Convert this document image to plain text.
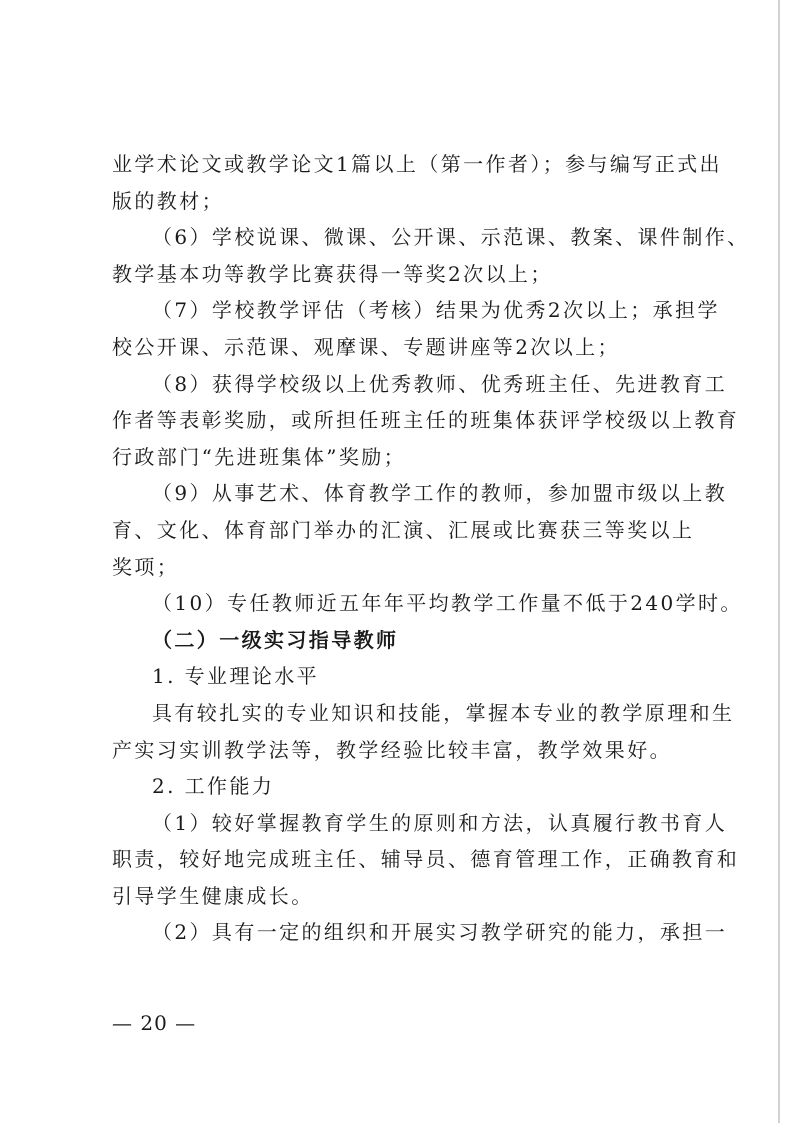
业学术论文或教学论文1篇以上（第一作者）；参与编写正式出
版的教材；
（6）学校说课、微课、公开课、示范课、教案、课件制作、
教学基本功等教学比赛获得一等奖2次以上；
（7）学校教学评估（考核）结果为优秀2次以上；承担学
校公开课、示范课、观摩课、专题讲座等2次以上；
（8）获得学校级以上优秀教师、优秀班主任、先进教育工
作者等表彰奖励，或所担任班主任的班集体获评学校级以上教育
行政部门“先进班集体”奖励；
（9）从事艺术、体育教学工作的教师，参加盟市级以上教
育、文化、体育部门举办的汇演、汇展或比赛获三等奖以上
奖项；
（10）专任教师近五年年平均教学工作量不低于240学时。
（二）一级实习指导教师
1. 专业理论水平
具有较扎实的专业知识和技能，掌握本专业的教学原理和生
产实习实训教学法等，教学经验比较丰富，教学效果好。
2. 工作能力
（1）较好掌握教育学生的原则和方法，认真履行教书育人
职责，较好地完成班主任、辅导员、德育管理工作，正确教育和
引导学生健康成长。
（2）具有一定的组织和开展实习教学研究的能力，承担一
— 20 —
